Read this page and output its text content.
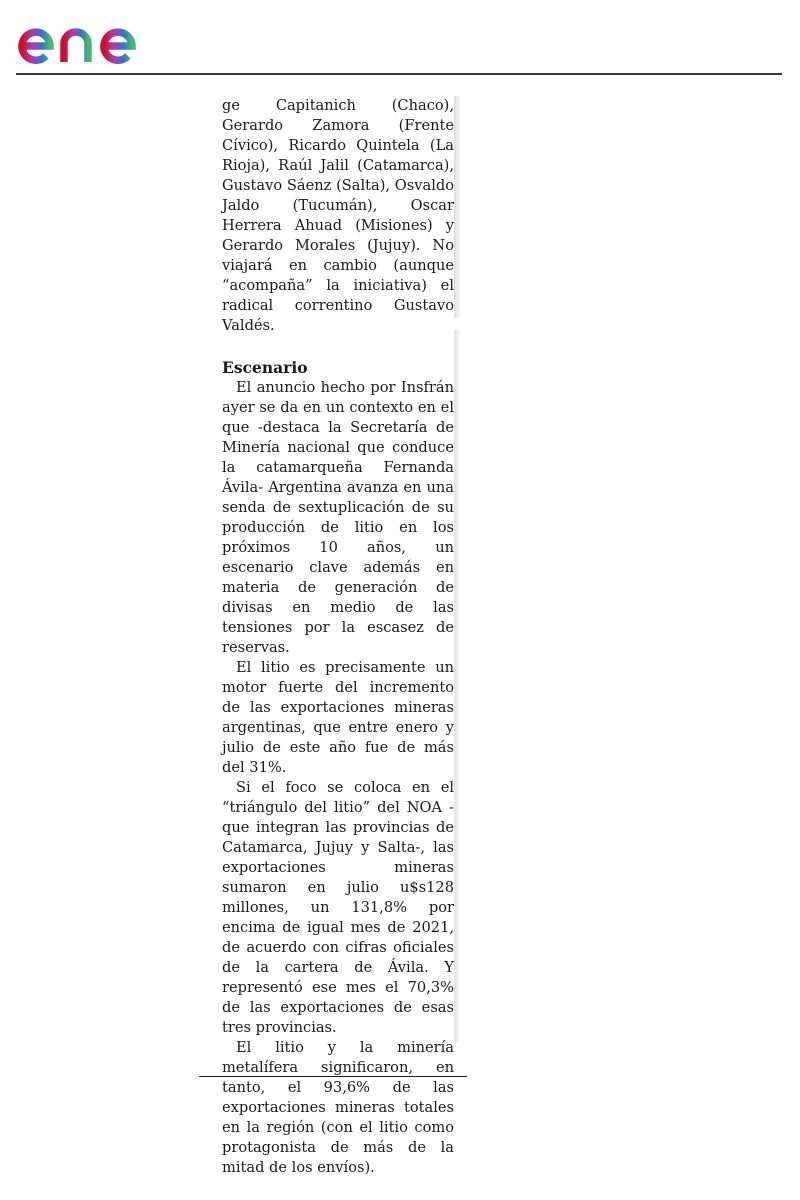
ge Capitanich (Chaco), Gerardo Zamora (Frente Cívico), Ricardo Quintela (La Rioja), Raúl Jalil (Catamarca), Gustavo Sáenz (Salta), Osvaldo Jaldo (Tucumán), Oscar Herrera Ahuad (Misiones) y Gerardo Morales (Jujuy). No viajará en cambio (aunque “acompaña” la iniciativa) el radical correntino Gustavo Valdés.

Escenario

El anuncio hecho por Insfrán ayer se da en un contexto en el que -destaca la Secretaría de Minería nacional que conduce la catamarqueña Fernanda Ávila- Argentina avanza en una senda de sextuplicación de su producción de litio en los próximos 10 años, un escenario clave además en materia de generación de divisas en medio de las tensiones por la escasez de reservas.

El litio es precisamente un motor fuerte del incremento de las exportaciones mineras argentinas, que entre enero y julio de este año fue de más del 31%.

Si el foco se coloca en el “triángulo del litio” del NOA -que integran las provincias de Catamarca, Jujuy y Salta-, las exportaciones mineras sumaron en julio u$s128 millones, un 131,8% por encima de igual mes de 2021, de acuerdo con cifras oficiales de la cartera de Ávila. Y representó ese mes el 70,3% de las exportaciones de esas tres provincias.

El litio y la minería metalífera significaron, en tanto, el 93,6% de las exportaciones mineras totales en la región (con el litio como protagonista de más de la mitad de los envíos).
